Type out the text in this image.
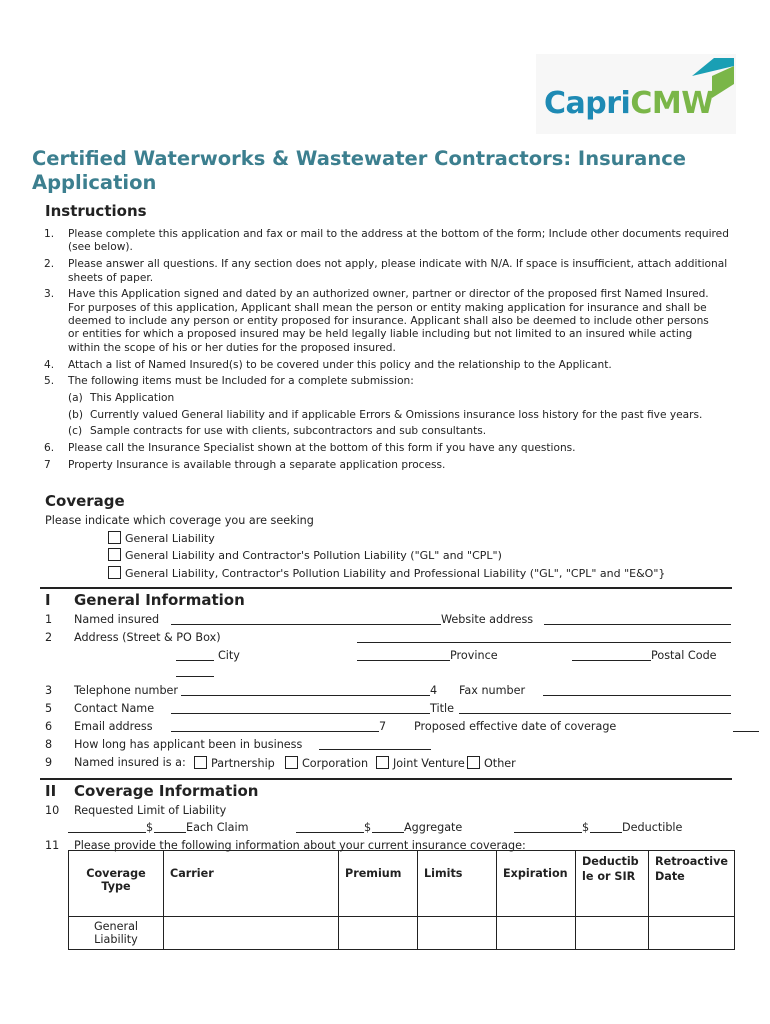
CapriCMW
Certified Waterworks & Wastewater Contractors: Insurance Application
Instructions
1. Please complete this application and fax or mail to the address at the bottom of the form; Include other documents required (see below).
2. Please answer all questions. If any section does not apply, please indicate with N/A. If space is insufficient, attach additional sheets of paper.
3. Have this Application signed and dated by an authorized owner, partner or director of the proposed first Named Insured. For purposes of this application, Applicant shall mean the person or entity making application for insurance and shall be deemed to include any person or entity proposed for insurance. Applicant shall also be deemed to include other persons or entities for which a proposed insured may be held legally liable including but not limited to an insured while acting within the scope of his or her duties for the proposed insured.
4. Attach a list of Named Insured(s) to be covered under this policy and the relationship to the Applicant.
5. The following items must be Included for a complete submission:
(a) This Application
(b) Currently valued General liability and if applicable Errors & Omissions insurance loss history for the past five years.
(c) Sample contracts for use with clients, subcontractors and sub consultants.
6. Please call the Insurance Specialist shown at the bottom of this form if you have any questions.
7 Property Insurance is available through a separate application process.
Coverage
Please indicate which coverage you are seeking
General Liability
General Liability and Contractor's Pollution Liability ("GL" and "CPL")
General Liability, Contractor's Pollution Liability and Professional Liability ("GL", "CPL" and "E&O"}
I General Information
1 Named insured	Website address
2 Address (Street & PO Box)
City	Province	Postal Code
3 Telephone number	4 Fax number
5 Contact Name	Title
6 Email address	7 Proposed effective date of coverage
8 How long has applicant been in business
9 Named insured is a:	Partnership	Corporation	Joint Venture	Other
II Coverage Information
10 Requested Limit of Liability
$	Each Claim	$	Aggregate	$	Deductible
11 Please provide the following information about your current insurance coverage:
Coverage Type	Carrier	Premium	Limits	Expiration	Deductible or SIR	Retroactive Date
General Liability						
